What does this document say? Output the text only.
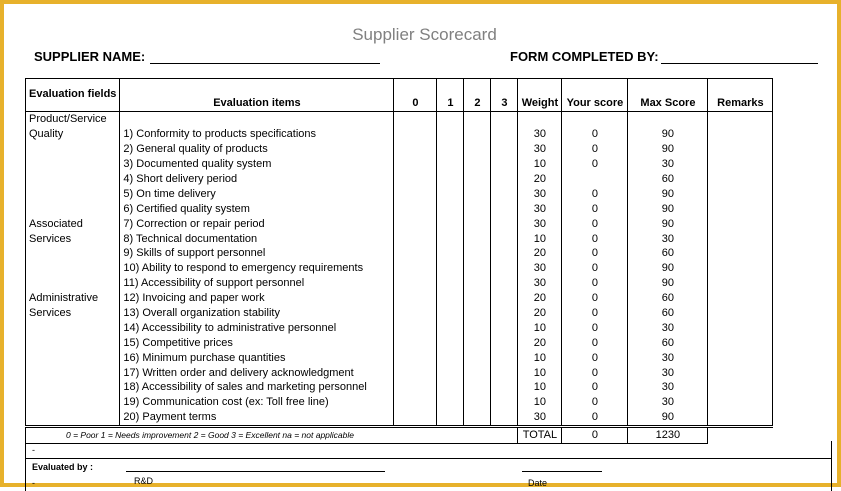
Supplier Scorecard
SUPPLIER NAME:	FORM COMPLETED BY:
Evaluation fields	Evaluation items	0	1	2	3	Weight	Your score	Max Score	Remarks
Product/Service									
Quality	1) Conformity to products specifications					30	0	90	
	2) General quality of products					30	0	90	
	3) Documented quality system					10	0	30	
	4) Short delivery period					20		60	
	5) On time delivery					30	0	90	
	6) Certified quality system					30	0	90	
Associated	7) Correction or repair period					30	0	90	
Services	8) Technical documentation					10	0	30	
	9) Skills of support personnel					20	0	60	
	10) Ability to respond to emergency requirements					30	0	90	
	11) Accessibility of support personnel					30	0	90	
Administrative	12) Invoicing and paper work					20	0	60	
Services	13) Overall organization stability					20	0	60	
	14) Accessibility to administrative personnel					10	0	30	
	15) Competitive prices					20	0	60	
	16) Minimum purchase quantities					10	0	30	
	17) Written order and delivery acknowledgment					10	0	30	
	18) Accessibility of sales and marketing personnel					10	0	30	
	19) Communication cost (ex: Toll free line)					10	0	30	
	20) Payment terms					30	0	90	
0 = Poor 1 = Needs improvement 2 = Good 3 = Excellent na = not applicable						TOTAL	0	1230	
-
Evaluated by :
-	R&D	Date
